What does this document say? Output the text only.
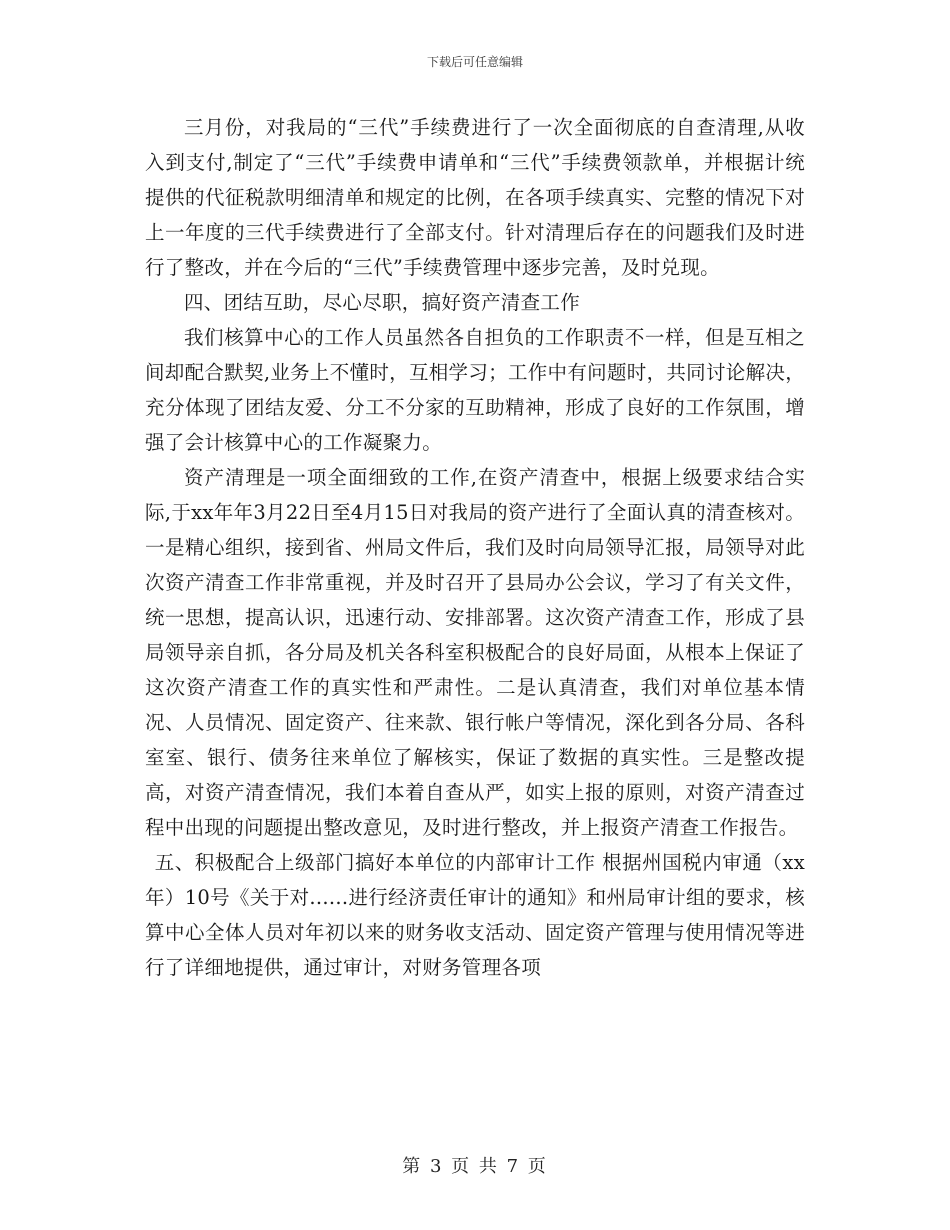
下载后可任意编辑

三月份，对我局的“三代”手续费进行了一次全面彻底的自查清理,从收入到支付,制定了“三代”手续费申请单和“三代”手续费领款单，并根据计统提供的代征税款明细清单和规定的比例，在各项手续真实、完整的情况下对上一年度的三代手续费进行了全部支付。针对清理后存在的问题我们及时进行了整改，并在今后的“三代”手续费管理中逐步完善，及时兑现。

四、团结互助，尽心尽职，搞好资产清查工作

我们核算中心的工作人员虽然各自担负的工作职责不一样，但是互相之间却配合默契,业务上不懂时，互相学习；工作中有问题时，共同讨论解决，充分体现了团结友爱、分工不分家的互助精神，形成了良好的工作氛围，增强了会计核算中心的工作凝聚力。

资产清理是一项全面细致的工作,在资产清查中，根据上级要求结合实际,于xx年年3月22日至4月15日对我局的资产进行了全面认真的清查核对。一是精心组织，接到省、州局文件后，我们及时向局领导汇报，局领导对此次资产清查工作非常重视，并及时召开了县局办公会议，学习了有关文件，统一思想，提高认识，迅速行动、安排部署。这次资产清查工作，形成了县局领导亲自抓，各分局及机关各科室积极配合的良好局面，从根本上保证了这次资产清查工作的真实性和严肃性。二是认真清查，我们对单位基本情况、人员情况、固定资产、往来款、银行帐户等情况，深化到各分局、各科室室、银行、债务往来单位了解核实，保证了数据的真实性。三是整改提高，对资产清查情况，我们本着自查从严，如实上报的原则，对资产清查过程中出现的问题提出整改意见，及时进行整改，并上报资产清查工作报告。

五、积极配合上级部门搞好本单位的内部审计工作 根据州国税内审通（xx年）10号《关于对......进行经济责任审计的通知》和州局审计组的要求，核算中心全体人员对年初以来的财务收支活动、固定资产管理与使用情况等进行了详细地提供，通过审计，对财务管理各项

第 3 页 共 7 页
